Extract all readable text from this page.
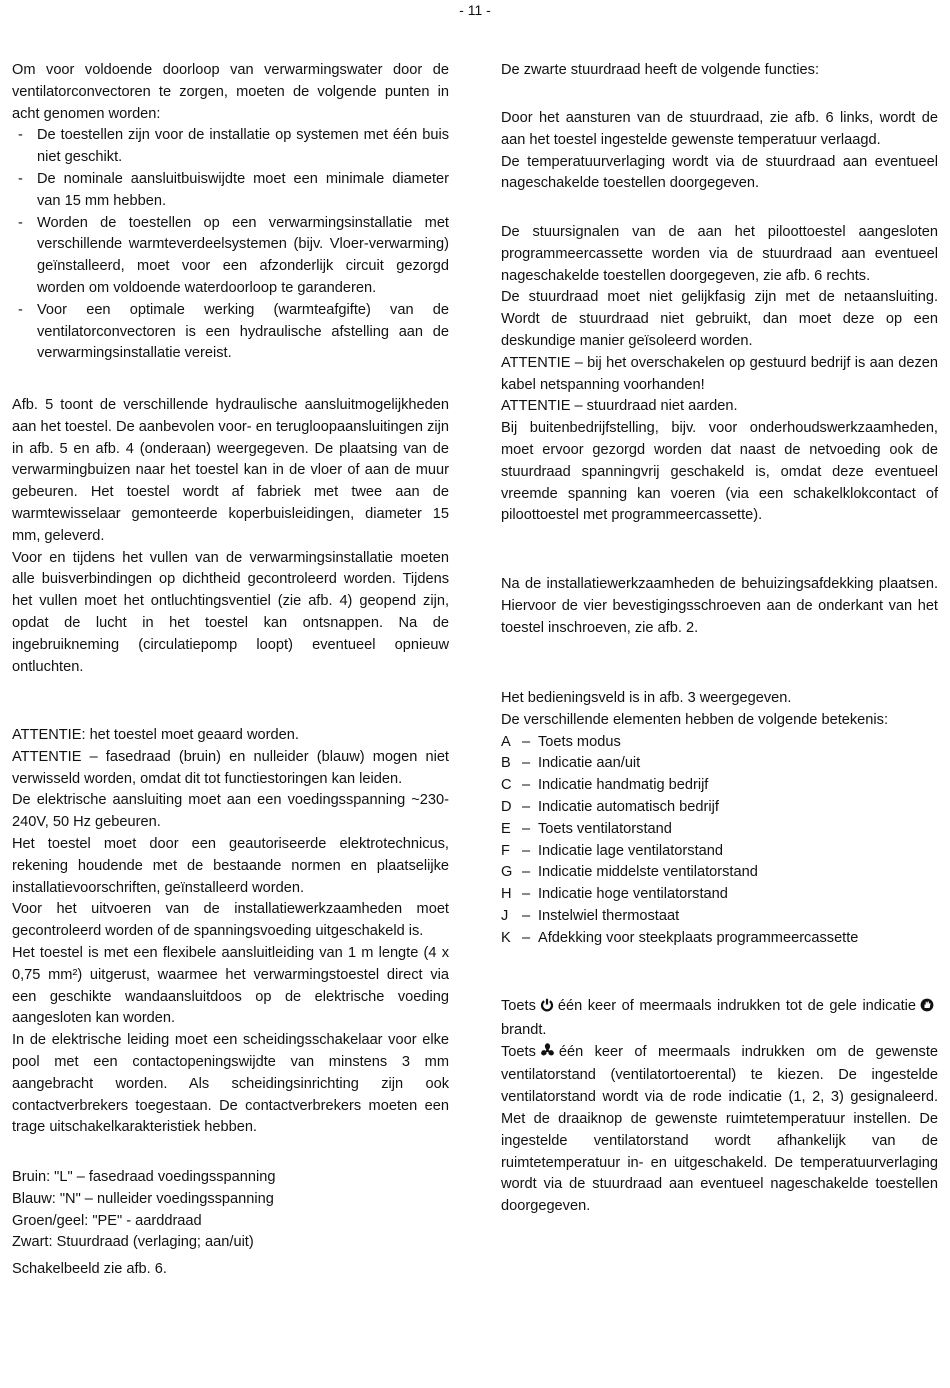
- 11 -

Om voor voldoende doorloop van verwarmingswater door de ventilatorconvectoren te zorgen, moeten de volgende punten in acht genomen worden:

- De toestellen zijn voor de installatie op systemen met één buis niet geschikt.
- De nominale aansluitbuiswijdte moet een minimale diameter van 15 mm hebben.
- Worden de toestellen op een verwarmingsinstallatie met verschillende warmteverdeelsystemen (bijv. Vloer-verwarming) geïnstalleerd, moet voor een afzonderlijk circuit gezorgd worden om voldoende waterdoorloop te garanderen.
- Voor een optimale werking (warmteafgifte) van de ventilatorconvectoren is een hydraulische afstelling aan de verwarmingsinstallatie vereist.

Afb. 5 toont de verschillende hydraulische aansluitmogelijkheden aan het toestel. De aanbevolen voor- en terugloopaansluitingen zijn in afb. 5 en afb. 4 (onderaan) weergegeven. De plaatsing van de verwarmingbuizen naar het toestel kan in de vloer of aan de muur gebeuren. Het toestel wordt af fabriek met twee aan de warmtewisselaar gemonteerde koperbuisleidingen, diameter 15 mm, geleverd.

Voor en tijdens het vullen van de verwarmingsinstallatie moeten alle buisverbindingen op dichtheid gecontroleerd worden. Tijdens het vullen moet het ontluchtingsventiel (zie afb. 4) geopend zijn, opdat de lucht in het toestel kan ontsnappen. Na de ingebruikneming (circulatiepomp loopt) eventueel opnieuw ontluchten.

ATTENTIE: het toestel moet geaard worden.

ATTENTIE – fasedraad (bruin) en nulleider (blauw) mogen niet verwisseld worden, omdat dit tot functiestoringen kan leiden.

De elektrische aansluiting moet aan een voedingsspanning ~230-240V, 50 Hz gebeuren.

Het toestel moet door een geautoriseerde elektrotechnicus, rekening houdende met de bestaande normen en plaatselijke installatievoorschriften, geïnstalleerd worden.

Voor het uitvoeren van de installatiewerkzaamheden moet gecontroleerd worden of de spanningsvoeding uitgeschakeld is.

Het toestel is met een flexibele aansluitleiding van 1 m lengte (4 x 0,75 mm²) uitgerust, waarmee het verwarmingstoestel direct via een geschikte wandaansluitdoos op de elektrische voeding aangesloten kan worden.

In de elektrische leiding moet een scheidingsschakelaar voor elke pool met een contactopeningswijdte van minstens 3 mm aangebracht worden. Als scheidingsinrichting zijn ook contactverbrekers toegestaan. De contactverbrekers moeten een trage uitschakelkarakteristiek hebben.

Bruin: "L" – fasedraad voedingsspanning

Blauw: "N" – nulleider voedingsspanning

Groen/geel: "PE" - aarddraad

Zwart: Stuurdraad (verlaging; aan/uit)

Schakelbeeld zie afb. 6.

De zwarte stuurdraad heeft de volgende functies:

Door het aansturen van de stuurdraad, zie afb. 6 links, wordt de aan het toestel ingestelde gewenste temperatuur verlaagd.

De temperatuurverlaging wordt via de stuurdraad aan eventueel nageschakelde toestellen doorgegeven.

De stuursignalen van de aan het piloottoestel aangesloten programmeercassette worden via de stuurdraad aan eventueel nageschakelde toestellen doorgegeven, zie afb. 6 rechts.

De stuurdraad moet niet gelijkfasig zijn met de netaansluiting. Wordt de stuurdraad niet gebruikt, dan moet deze op een deskundige manier geïsoleerd worden.

ATTENTIE – bij het overschakelen op gestuurd bedrijf is aan dezen kabel netspanning voorhanden!

ATTENTIE – stuurdraad niet aarden.

Bij buitenbedrijfstelling, bijv. voor onderhoudswerkzaamheden, moet ervoor gezorgd worden dat naast de netvoeding ook de stuurdraad spanningvrij geschakeld is, omdat deze eventueel vreemde spanning kan voeren (via een schakelklokcontact of piloottoestel met programmeercassette).

Na de installatiewerkzaamheden de behuizingsafdekking plaatsen. Hiervoor de vier bevestigingsschroeven aan de onderkant van het toestel inschroeven, zie afb. 2.

Het bedieningsveld is in afb. 3 weergegeven.

De verschillende elementen hebben de volgende betekenis:

A – Toets modus
B – Indicatie aan/uit
C – Indicatie handmatig bedrijf
D – Indicatie automatisch bedrijf
E – Toets ventilatorstand
F – Indicatie lage ventilatorstand
G – Indicatie middelste ventilatorstand
H – Indicatie hoge ventilatorstand
J – Instelwiel thermostaat
K – Afdekking voor steekplaats programmeercassette

Toets één keer of meermaals indrukken tot de gele indicatiebrandt.

Toets één keer of meermaals indrukken om de gewenste ventilatorstand (ventilatortoerental) te kiezen. De ingestelde ventilatorstand wordt via de rode indicatie (1, 2, 3) gesignaleerd. Met de draaiknop de gewenste ruimtetemperatuur instellen. De ingestelde ventilatorstand wordt afhankelijk van de ruimtetemperatuur in- en uitgeschakeld. De temperatuurverlaging wordt via de stuurdraad aan eventueel nageschakelde toestellen doorgegeven.
